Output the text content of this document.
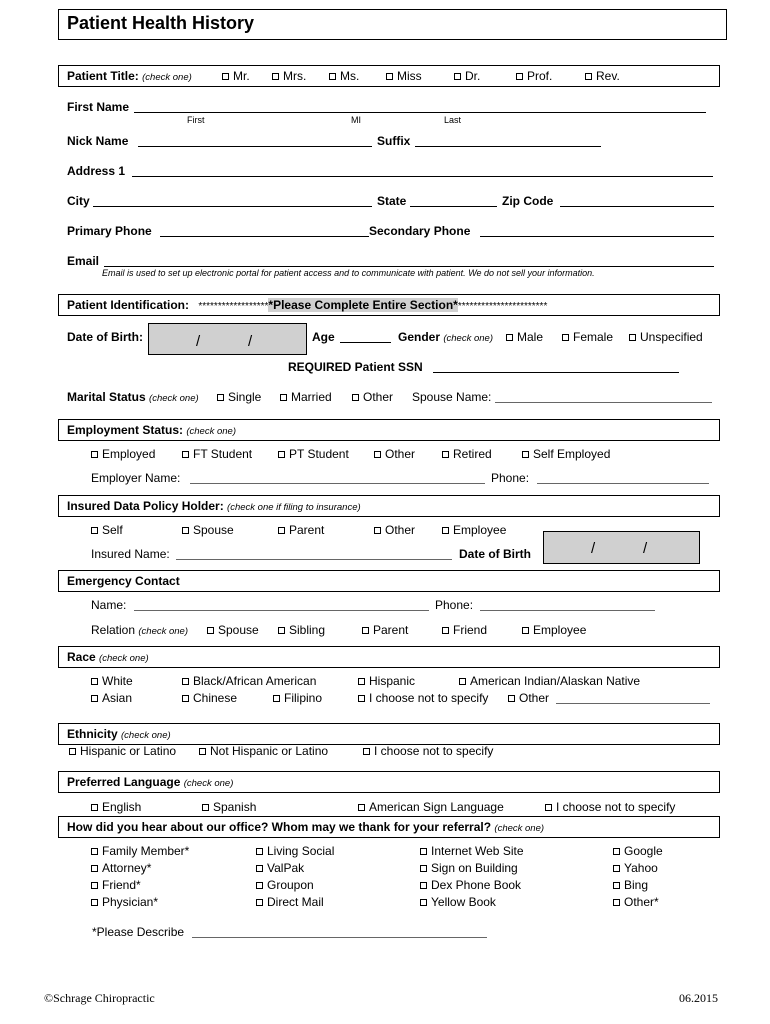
Patient Health History
Patient Title: (check one)	Mr.	Mrs.	Ms.	Miss	Dr.	Prof.	Rev.
First Name
First	MI	Last
Nick Name	Suffix
Address 1
City	State	Zip Code
Primary Phone	Secondary Phone
Email
Email is used to set up electronic portal for patient access and to communicate with patient. We do not sell your information.
Patient Identification: *******************Please Complete Entire Section************************
Date of Birth:	/	/	Age	Gender (check one)	Male	Female	Unspecified
REQUIRED Patient SSN
Marital Status (check one)	Single	Married	Other Spouse Name:
Employment Status: (check one)
Employed	FT Student	PT Student	Other	Retired	Self Employed
Employer Name:	Phone:
Insured Data Policy Holder: (check one if filing to insurance)
Self	Spouse	Parent	Other	Employee
Insured Name:	Date of Birth	/	/
Emergency Contact
Name:	Phone:
Relation (check one)	Spouse	Sibling	Parent	Friend	Employee
Race (check one)
White	Black/African American	Hispanic	American Indian/Alaskan Native
Asian	Chinese	Filipino	I choose not to specify	Other
Ethnicity (check one)
Hispanic or Latino	Not Hispanic or Latino	I choose not to specify
Preferred Language (check one)
English	Spanish	American Sign Language	I choose not to specify
How did you hear about our office? Whom may we thank for your referral? (check one)
Family Member*	Living Social	Internet Web Site	Google
Attorney*	ValPak	Sign on Building	Yahoo
Friend*	Groupon	Dex Phone Book	Bing
Physician*	Direct Mail	Yellow Book	Other*
*Please Describe
©Schrage Chiropractic	06.2015
